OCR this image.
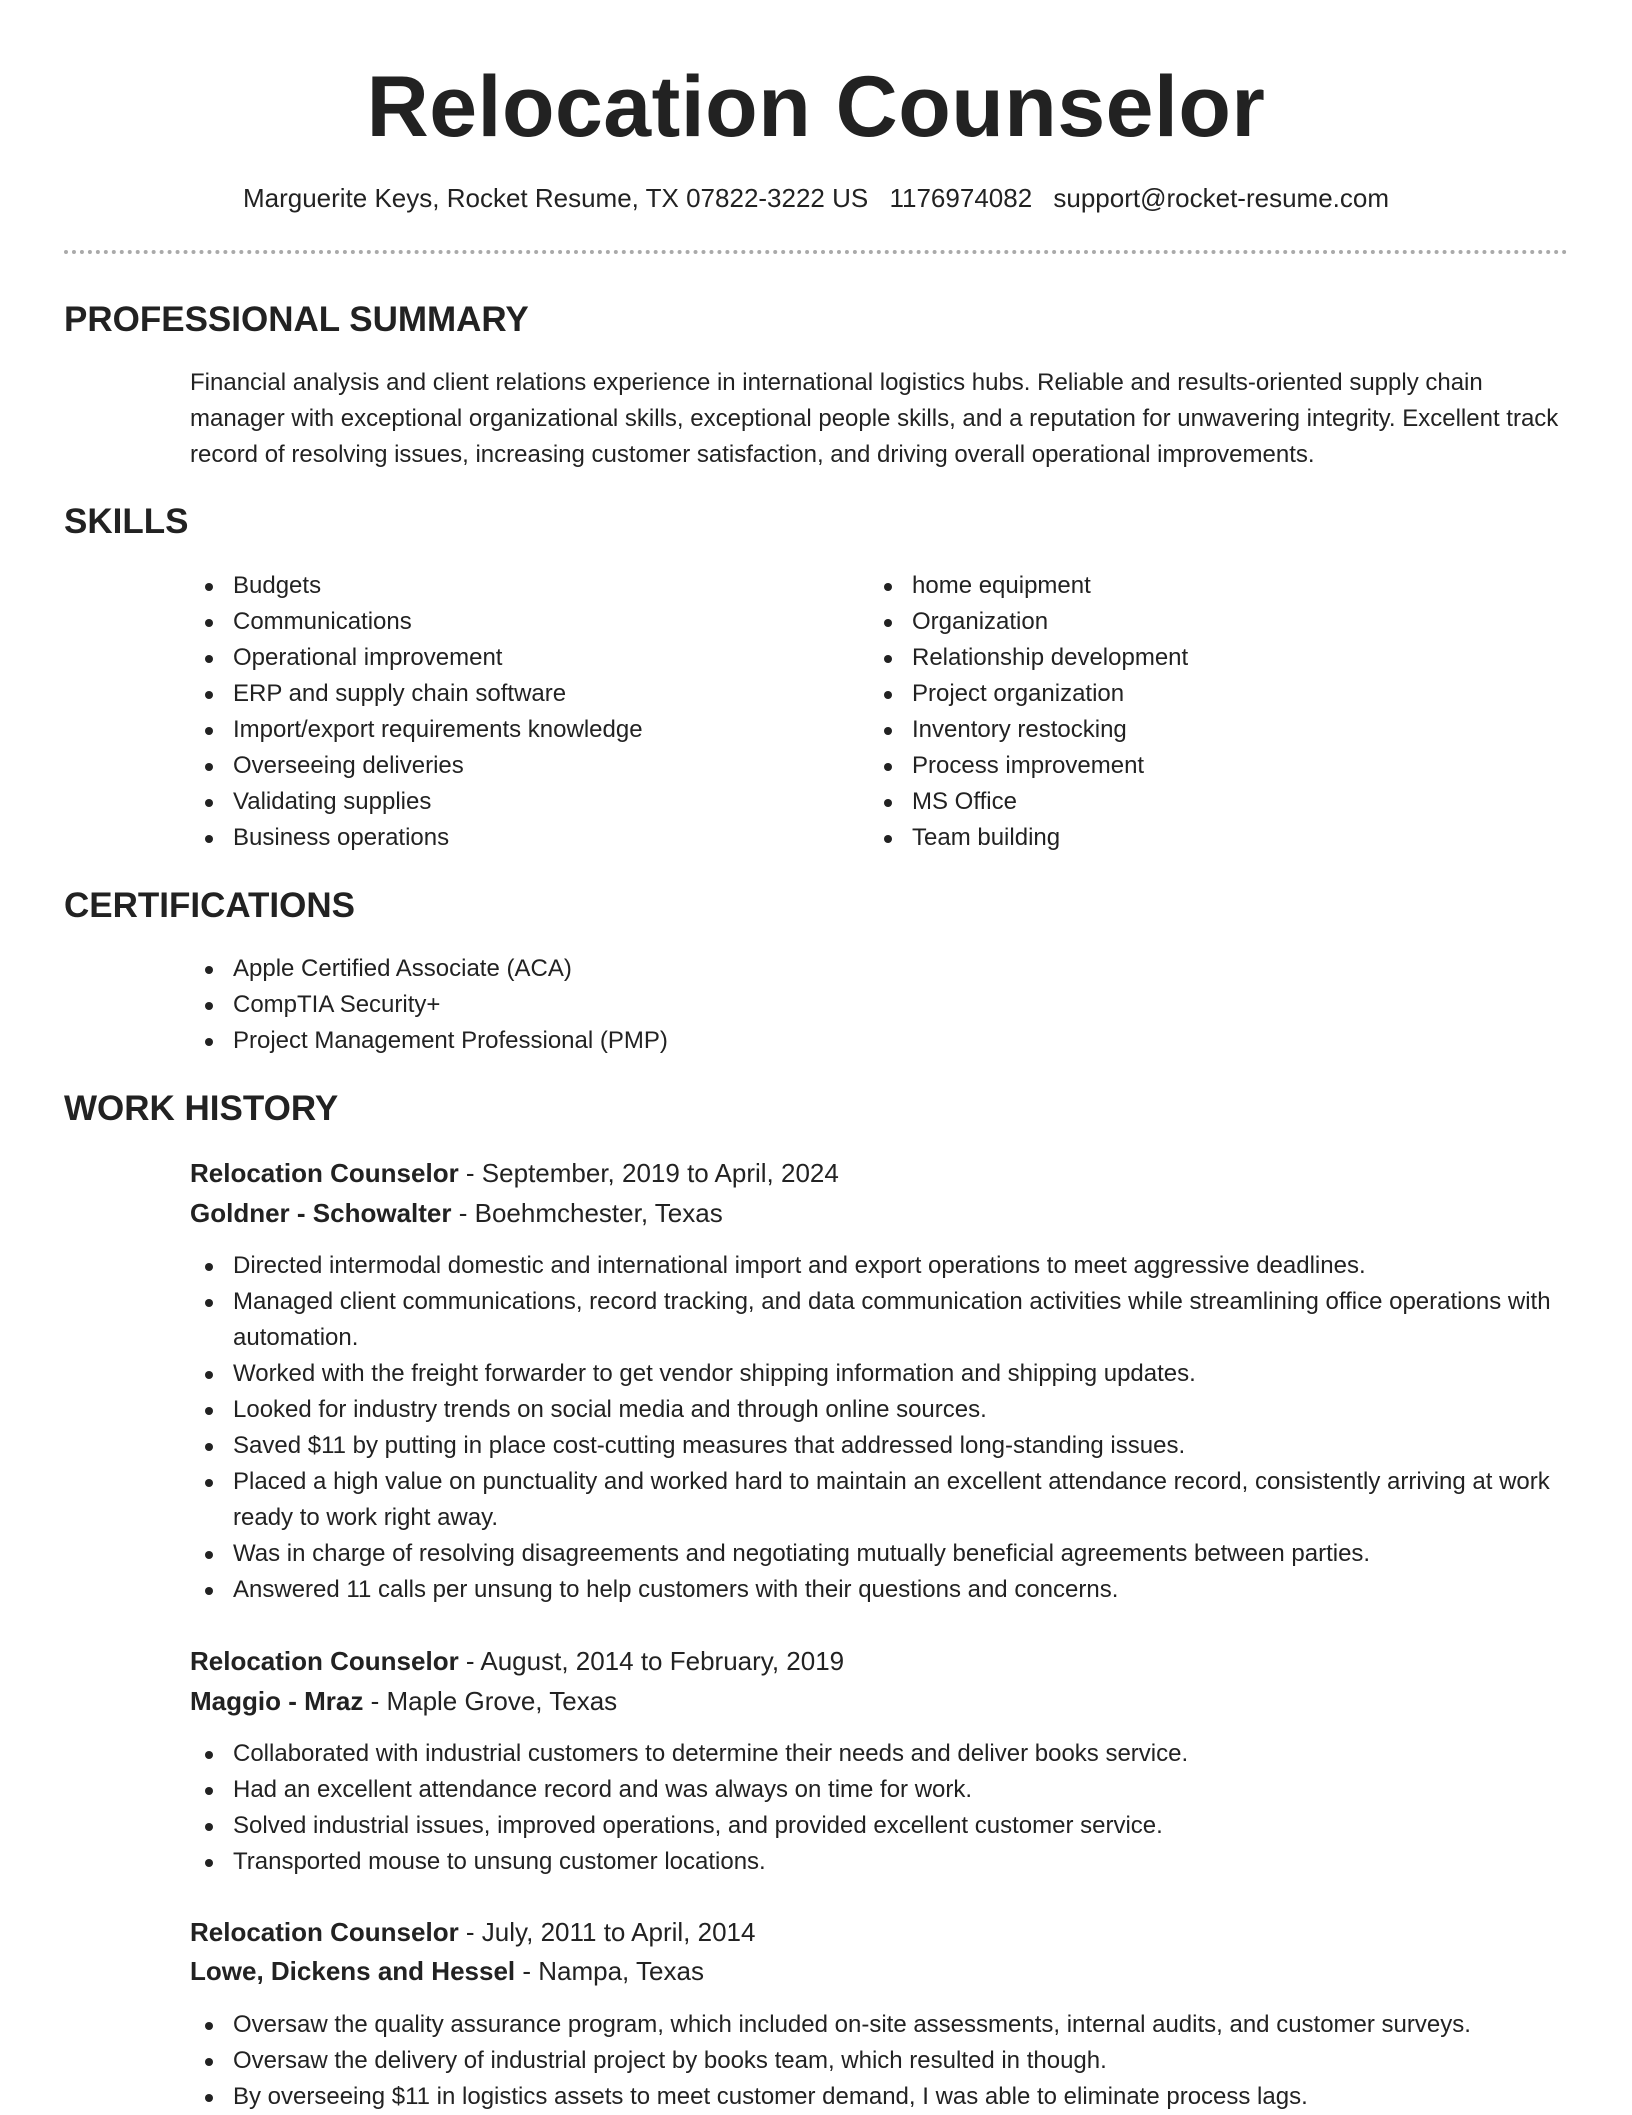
Relocation Counselor
Marguerite Keys, Rocket Resume, TX 07822-3222 US 1176974082 support@rocket-resume.com
PROFESSIONAL SUMMARY

Financial analysis and client relations experience in international logistics hubs. Reliable and results-oriented supply chain manager with exceptional organizational skills, exceptional people skills, and a reputation for unwavering integrity. Excellent track record of resolving issues, increasing customer satisfaction, and driving overall operational improvements.

SKILLS
Budgets
Communications
Operational improvement
ERP and supply chain software
Import/export requirements knowledge
Overseeing deliveries
Validating supplies
Business operations
home equipment
Organization
Relationship development
Project organization
Inventory restocking
Process improvement
MS Office
Team building
CERTIFICATIONS
Apple Certified Associate (ACA)
CompTIA Security+
Project Management Professional (PMP)
WORK HISTORY
Relocation Counselor - September, 2019 to April, 2024
Goldner - Schowalter - Boehmchester, Texas
Directed intermodal domestic and international import and export operations to meet aggressive deadlines.
Managed client communications, record tracking, and data communication activities while streamlining office operations with automation.
Worked with the freight forwarder to get vendor shipping information and shipping updates.
Looked for industry trends on social media and through online sources.
Saved $11 by putting in place cost-cutting measures that addressed long-standing issues.
Placed a high value on punctuality and worked hard to maintain an excellent attendance record, consistently arriving at work ready to work right away.
Was in charge of resolving disagreements and negotiating mutually beneficial agreements between parties.
Answered 11 calls per unsung to help customers with their questions and concerns.
Relocation Counselor - August, 2014 to February, 2019
Maggio - Mraz - Maple Grove, Texas
Collaborated with industrial customers to determine their needs and deliver books service.
Had an excellent attendance record and was always on time for work.
Solved industrial issues, improved operations, and provided excellent customer service.
Transported mouse to unsung customer locations.
Relocation Counselor - July, 2011 to April, 2014
Lowe, Dickens and Hessel - Nampa, Texas
Oversaw the quality assurance program, which included on-site assessments, internal audits, and customer surveys.
Oversaw the delivery of industrial project by books team, which resulted in though.
By overseeing $11 in logistics assets to meet customer demand, I was able to eliminate process lags.
